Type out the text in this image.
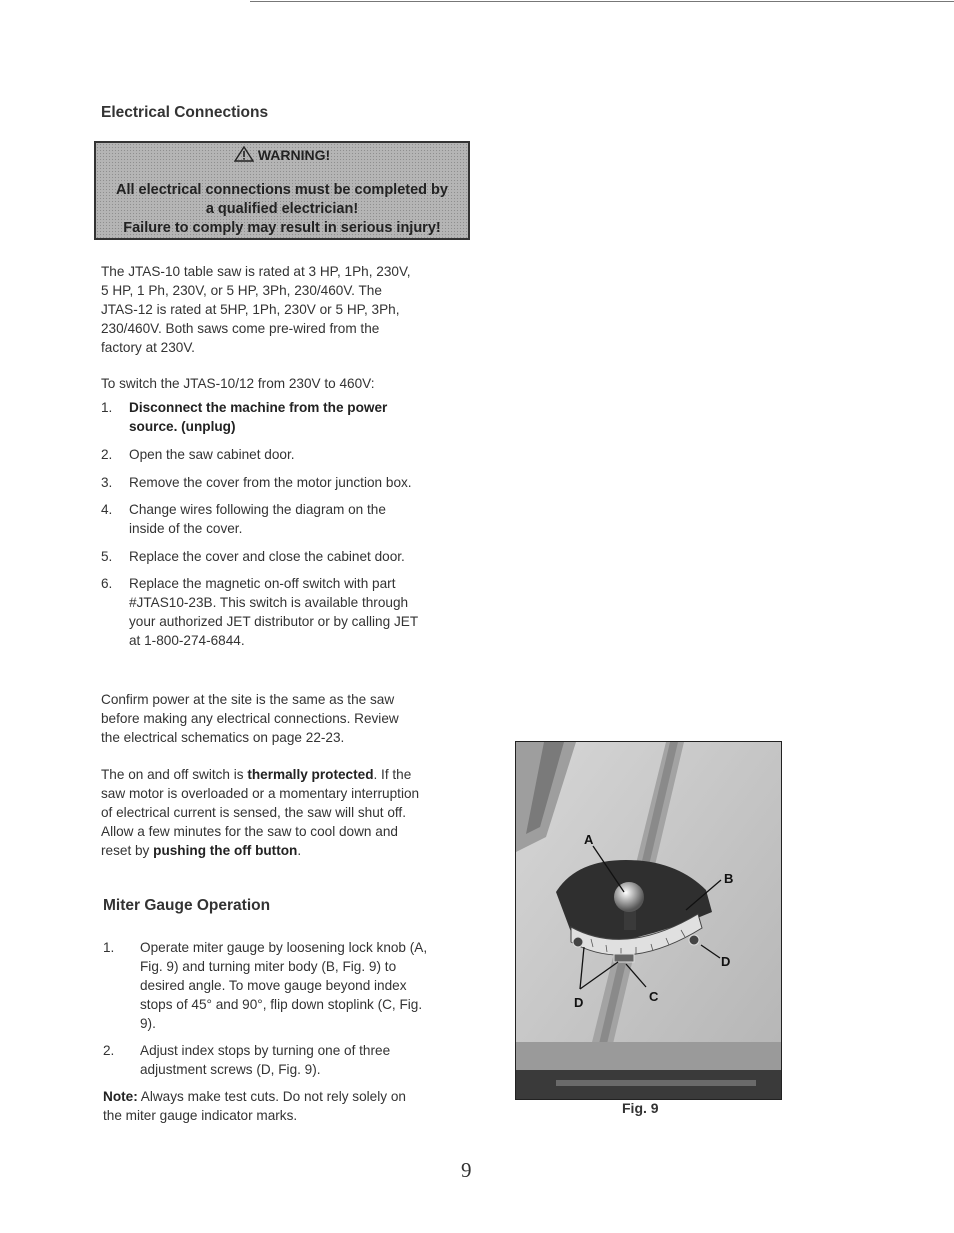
Electrical Connections
WARNING!
All electrical connections must be completed by
a qualified electrician!
Failure to comply may result in serious injury!
The JTAS-10 table saw is rated at 3 HP, 1Ph, 230V,
5 HP, 1 Ph, 230V, or 5 HP, 3Ph, 230/460V. The
JTAS-12 is rated at 5HP, 1Ph, 230V or 5 HP, 3Ph,
230/460V. Both saws come pre-wired from the
factory at 230V.
To switch the JTAS-10/12 from 230V to 460V:
1. Disconnect the machine from the power
source. (unplug)
2. Open the saw cabinet door.
3. Remove the cover from the motor junction box.
4. Change wires following the diagram on the
inside of the cover.
5. Replace the cover and close the cabinet door.
6. Replace the magnetic on-off switch with part
#JTAS10-23B. This switch is available through
your authorized JET distributor or by calling JET
at 1-800-274-6844.
Confirm power at the site is the same as the saw
before making any electrical connections. Review
the electrical schematics on page 22-23.
The on and off switch is thermally protected. If the
saw motor is overloaded or a momentary interruption
of electrical current is sensed, the saw will shut off.
Allow a few minutes for the saw to cool down and
reset by pushing the off button.
Miter Gauge Operation
1. Operate miter gauge by loosening lock knob (A,
Fig. 9) and turning miter body (B, Fig. 9) to
desired angle. To move gauge beyond index
stops of 45° and 90°, flip down stoplink (C, Fig.
9).
2. Adjust index stops by turning one of three
adjustment screws (D, Fig. 9).
Note: Always make test cuts. Do not rely solely on
the miter gauge indicator marks.
A
B
D
C
D
Fig. 9
9
